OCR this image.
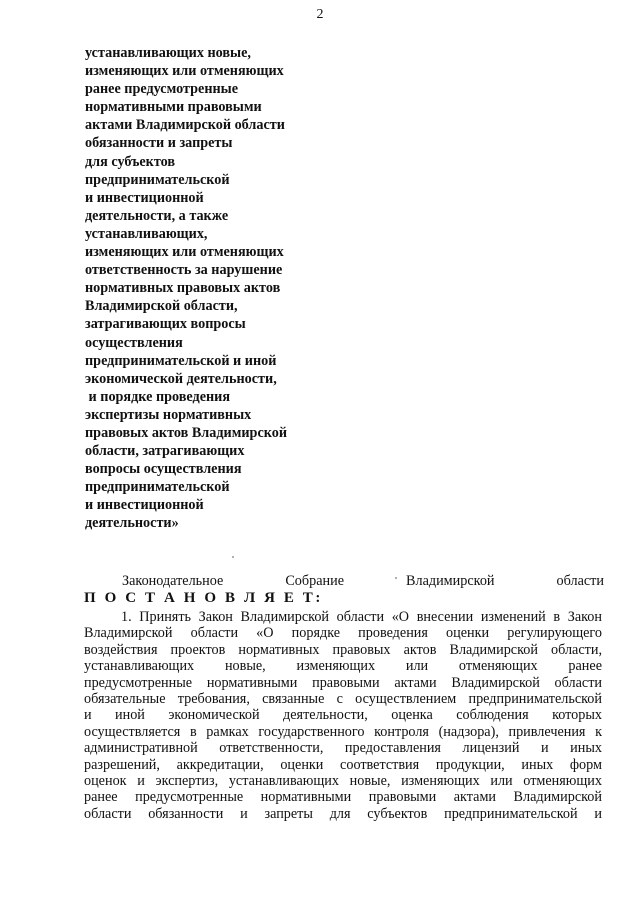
2
устанавливающих новые,
изменяющих или отменяющих
ранее предусмотренные
нормативными правовыми
актами Владимирской области
обязанности и запреты
для субъектов
предпринимательской
и инвестиционной
деятельности, а также
устанавливающих,
изменяющих или отменяющих
ответственность за нарушение
нормативных правовых актов
Владимирской области,
затрагивающих вопросы
осуществления
предпринимательской и иной
экономической деятельности,
и порядке проведения
экспертизы нормативных
правовых актов Владимирской
области, затрагивающих
вопросы осуществления
предпринимательской
и инвестиционной
деятельности»
Законодательное	Собрание	Владимирской	области
П О С Т А Н О В Л Я Е Т:
1. Принять Закон Владимирской области «О внесении изменений в Закон
Владимирской области «О порядке проведения оценки регулирующего
воздействия проектов нормативных правовых актов Владимирской области,
устанавливающих новые, изменяющих или отменяющих ранее
предусмотренные нормативными правовыми актами Владимирской области
обязательные требования, связанные с осуществлением предпринимательской
и иной экономической деятельности, оценка соблюдения которых
осуществляется в рамках государственного контроля (надзора), привлечения к
административной ответственности, предоставления лицензий и иных
разрешений, аккредитации, оценки соответствия продукции, иных форм
оценок и экспертиз, устанавливающих новые, изменяющих или отменяющих
ранее предусмотренные нормативными правовыми актами Владимирской
области обязанности и запреты для субъектов предпринимательской и
